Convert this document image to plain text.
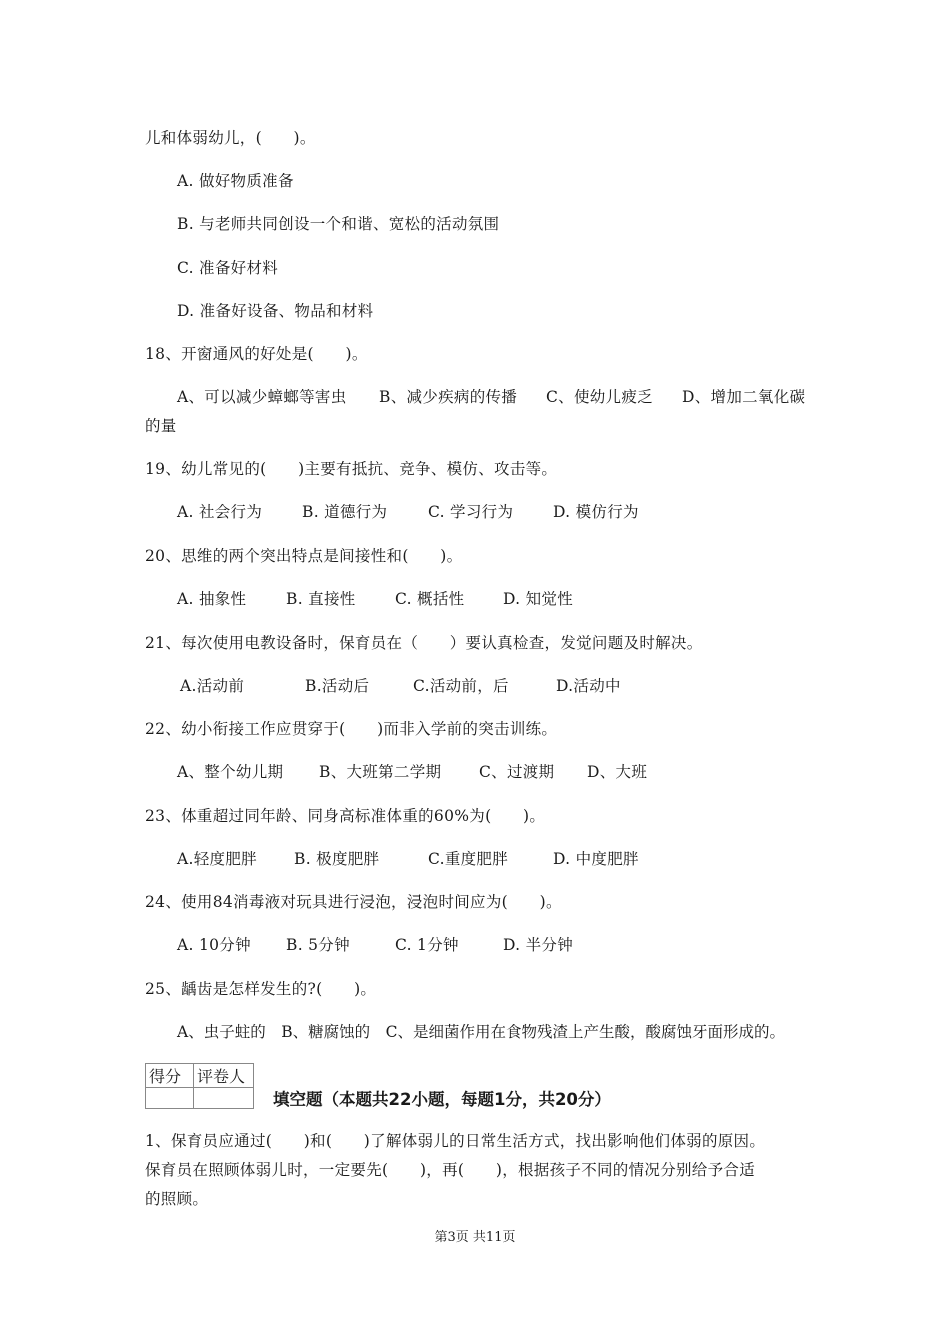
儿和体弱幼儿，(　　)。
A. 做好物质准备
B. 与老师共同创设一个和谐、宽松的活动氛围
C. 准备好材料
D. 准备好设备、物品和材料
18、开窗通风的好处是(　　)。
A、可以减少蟑螂等害虫	B、减少疾病的传播	C、使幼儿疲乏	D、增加二氧化碳
的量
19、幼儿常见的(　　)主要有抵抗、竞争、模仿、攻击等。
A. 社会行为	B. 道德行为	C. 学习行为	D. 模仿行为
20、思维的两个突出特点是间接性和(　　)。
A. 抽象性	B. 直接性	C. 概括性	D. 知觉性
21、每次使用电教设备时，保育员在（　　）要认真检查，发觉问题及时解决。
A.活动前	B.活动后	C.活动前，后	D.活动中
22、幼小衔接工作应贯穿于(　　)而非入学前的突击训练。
A、整个幼儿期	B、大班第二学期	C、过渡期	D、大班
23、体重超过同年龄、同身高标准体重的60%为(　　)。
A.轻度肥胖	B. 极度肥胖	C.重度肥胖	D. 中度肥胖
24、使用84消毒液对玩具进行浸泡，浸泡时间应为(　　)。
A. 10分钟	B. 5分钟	C. 1分钟	D. 半分钟
25、龋齿是怎样发生的?(　　)。
A、虫子蛀的　B、糖腐蚀的　C、是细菌作用在食物残渣上产生酸，酸腐蚀牙面形成的。
得分	评卷人

填空题（本题共22小题，每题1分，共20分）
1、保育员应通过(　　)和(　　)了解体弱儿的日常生活方式，找出影响他们体弱的原因。
保育员在照顾体弱儿时，一定要先(　　)，再(　　)，根据孩子不同的情况分别给予合适
的照顾。
第3页 共11页
